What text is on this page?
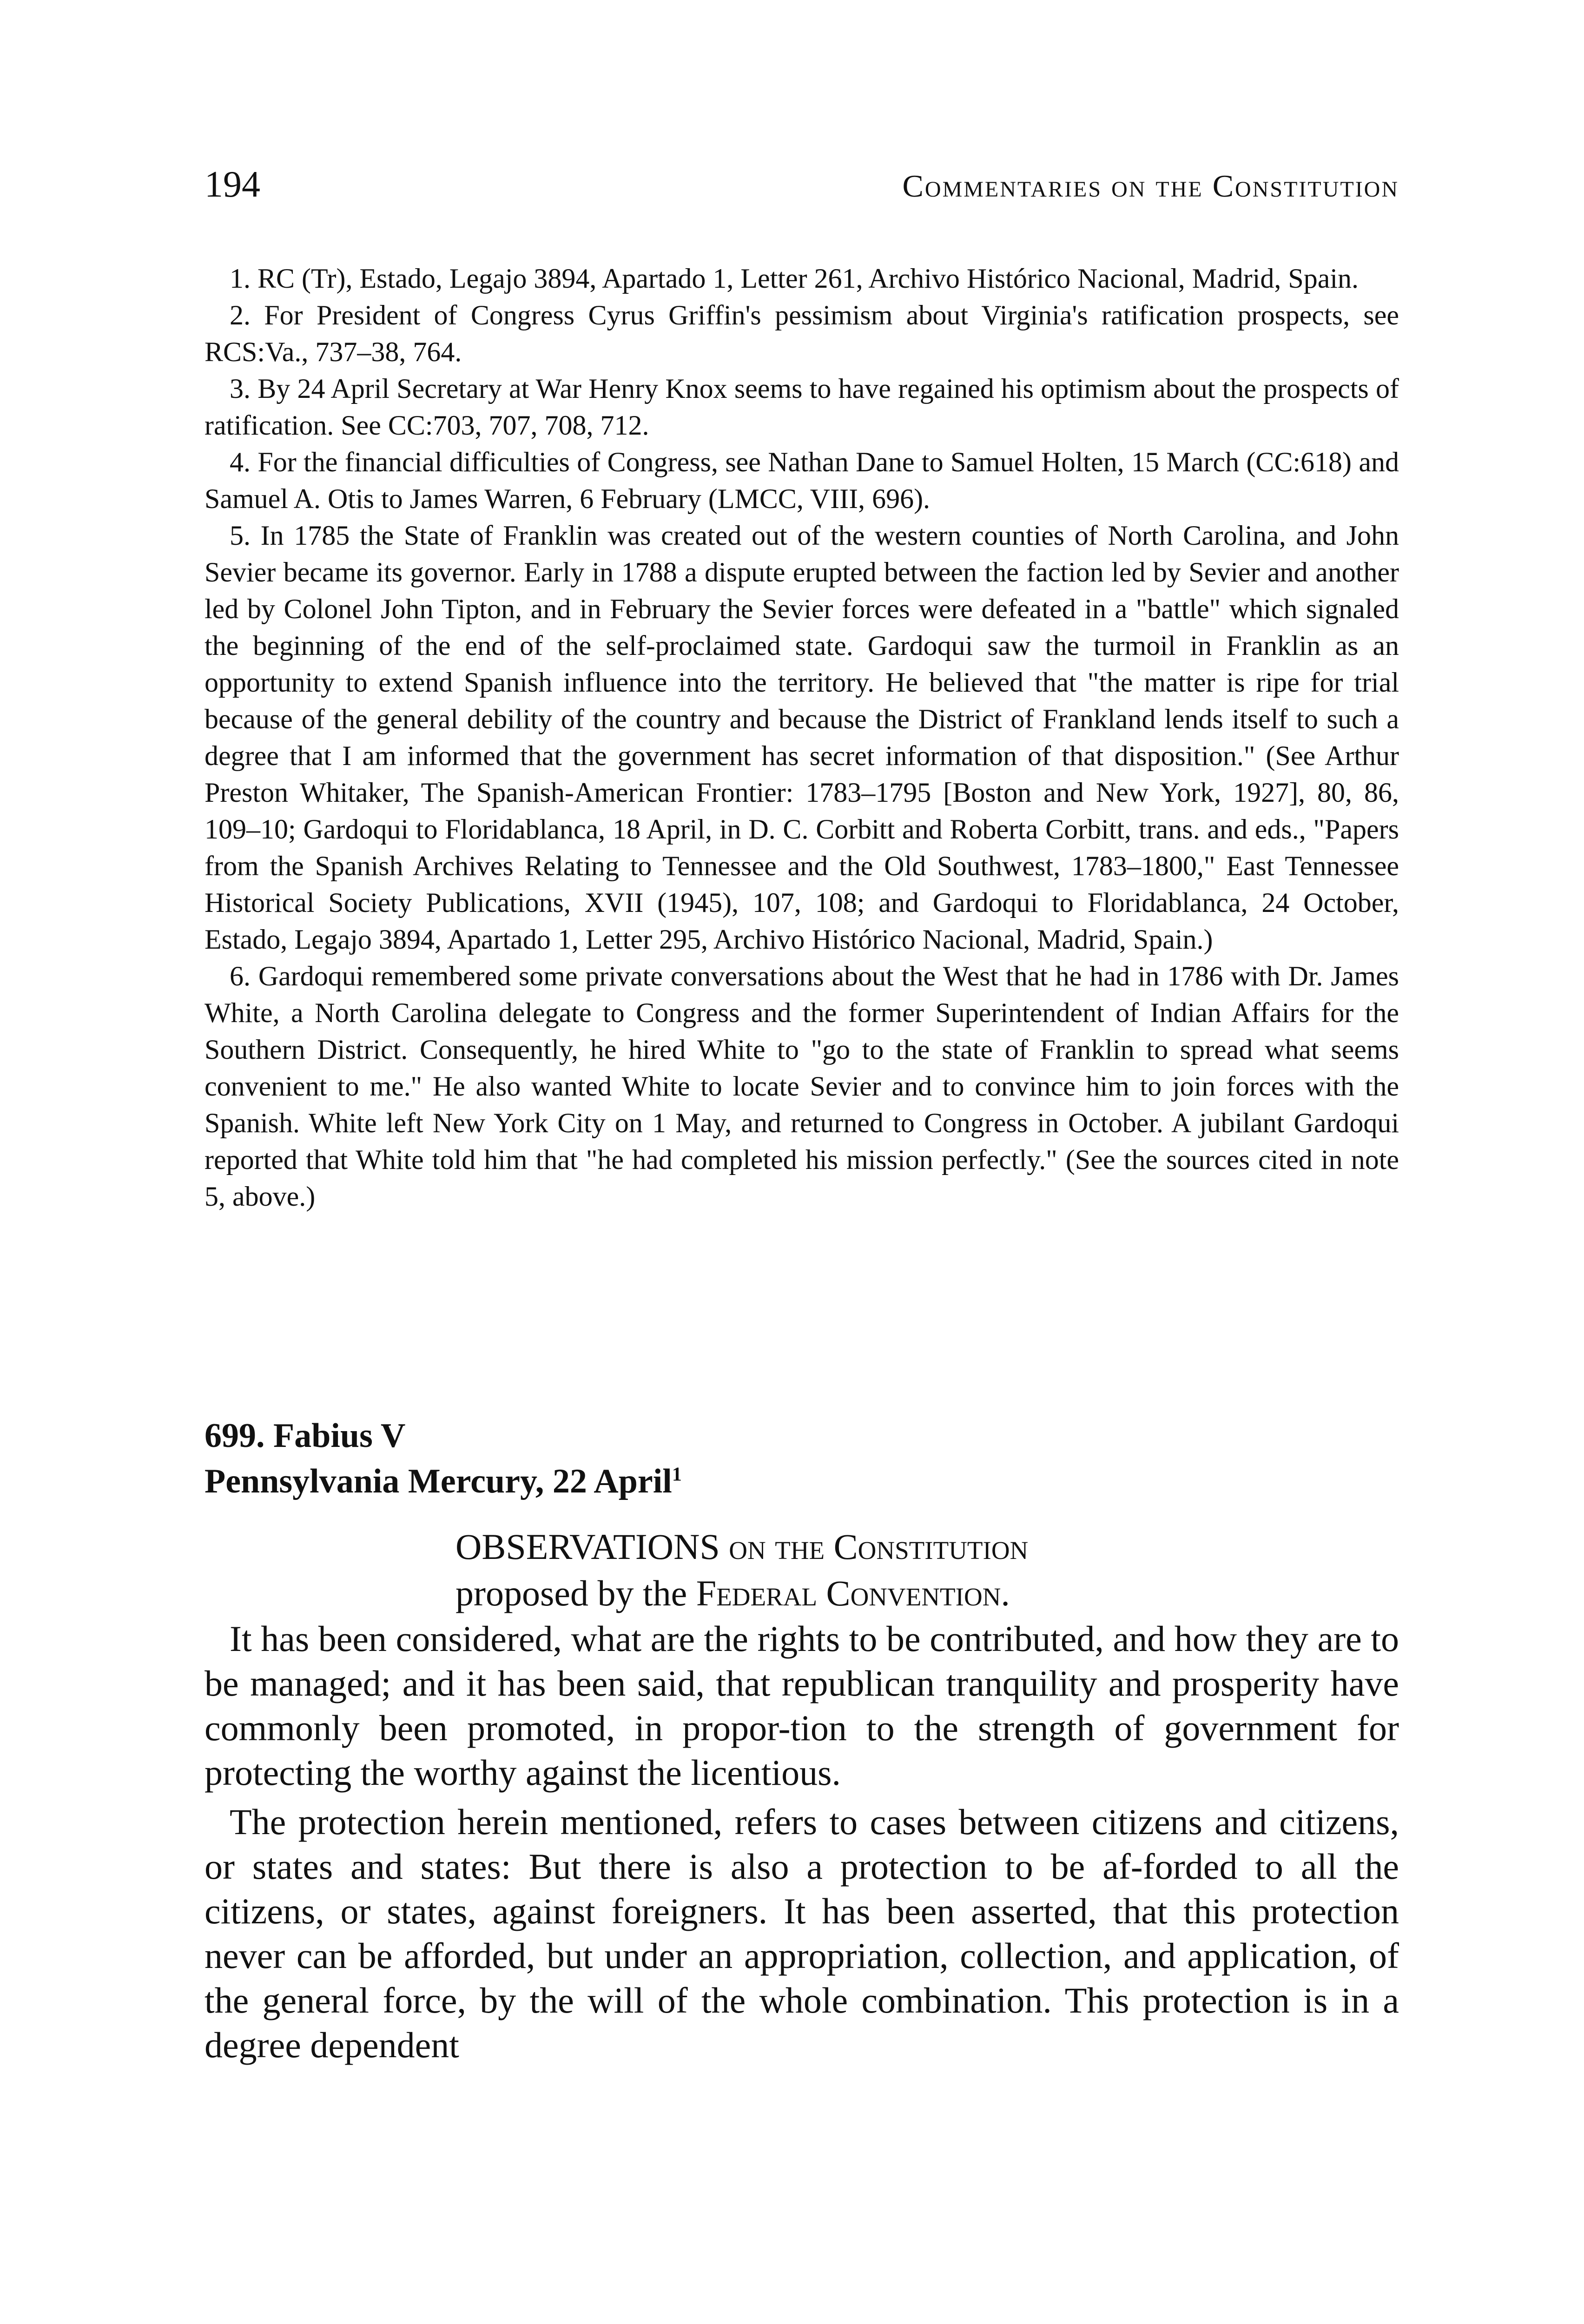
194	Commentaries on the Constitution

1. RC (Tr), Estado, Legajo 3894, Apartado 1, Letter 261, Archivo Histórico Nacional, Madrid, Spain.

2. For President of Congress Cyrus Griffin's pessimism about Virginia's ratification prospects, see RCS:Va., 737–38, 764.

3. By 24 April Secretary at War Henry Knox seems to have regained his optimism about the prospects of ratification. See CC:703, 707, 708, 712.

4. For the financial difficulties of Congress, see Nathan Dane to Samuel Holten, 15 March (CC:618) and Samuel A. Otis to James Warren, 6 February (LMCC, VIII, 696).

5. In 1785 the State of Franklin was created out of the western counties of North Carolina, and John Sevier became its governor. Early in 1788 a dispute erupted between the faction led by Sevier and another led by Colonel John Tipton, and in February the Sevier forces were defeated in a "battle" which signaled the beginning of the end of the self-proclaimed state. Gardoqui saw the turmoil in Franklin as an opportunity to extend Spanish influence into the territory. He believed that "the matter is ripe for trial because of the general debility of the country and because the District of Frankland lends itself to such a degree that I am informed that the government has secret information of that disposition." (See Arthur Preston Whitaker, The Spanish-American Frontier: 1783–1795 [Boston and New York, 1927], 80, 86, 109–10; Gardoqui to Floridablanca, 18 April, in D. C. Corbitt and Roberta Corbitt, trans. and eds., "Papers from the Spanish Archives Relating to Tennessee and the Old Southwest, 1783–1800," East Tennessee Historical Society Publications, XVII (1945), 107, 108; and Gardoqui to Floridablanca, 24 October, Estado, Legajo 3894, Apartado 1, Letter 295, Archivo Histórico Nacional, Madrid, Spain.)

6. Gardoqui remembered some private conversations about the West that he had in 1786 with Dr. James White, a North Carolina delegate to Congress and the former Superintendent of Indian Affairs for the Southern District. Consequently, he hired White to "go to the state of Franklin to spread what seems convenient to me." He also wanted White to locate Sevier and to convince him to join forces with the Spanish. White left New York City on 1 May, and returned to Congress in October. A jubilant Gardoqui reported that White told him that "he had completed his mission perfectly." (See the sources cited in note 5, above.)

699. Fabius V

Pennsylvania Mercury, 22 April$^1$

OBSERVATIONS on the Constitution

proposed by the Federal Convention.

It has been considered, what are the rights to be contributed, and how they are to be managed; and it has been said, that republican tranquility and prosperity have commonly been promoted, in propor-tion to the strength of government for protecting the worthy against the licentious.

The protection herein mentioned, refers to cases between citizens and citizens, or states and states: But there is also a protection to be af-forded to all the citizens, or states, against foreigners. It has been asserted, that this protection never can be afforded, but under an appropriation, collection, and application, of the general force, by the will of the whole combination. This protection is in a degree dependent
